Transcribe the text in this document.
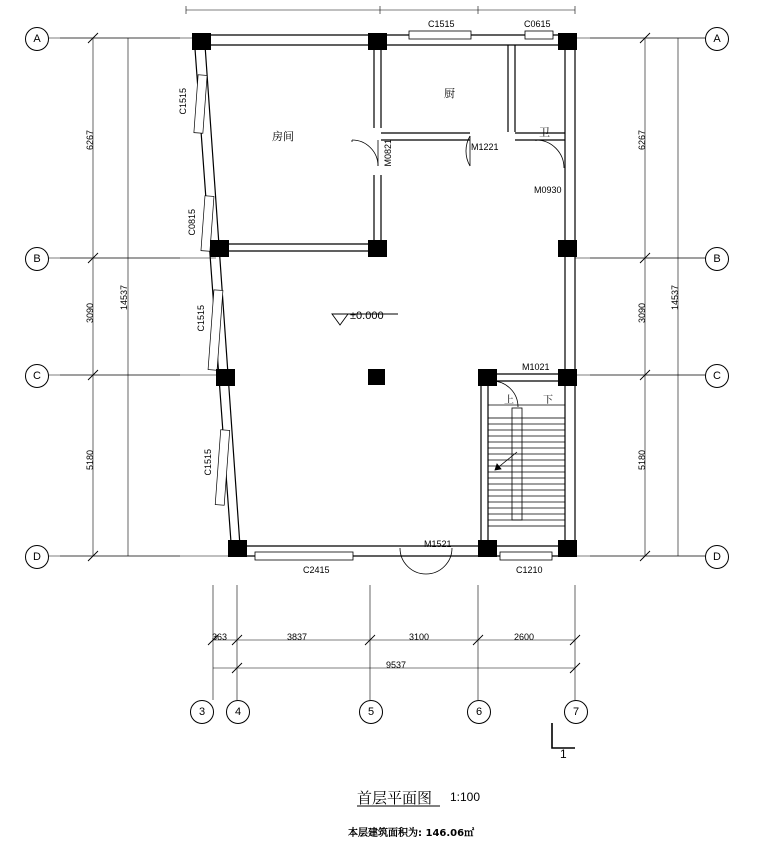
A
B
C
D
A
B
C
D
3	4	5	6	7
6267
3090
5180
14537
6267
3090
5180
14537
363	3837	3100	2600
9537
房间
厨
卫
±0.000
C1515	C0615
C1515
C0815
C1515
C1515
C2415	C1210
M0821	M1221
M0930
M1021
M1521
上	下
1
首层平面图 1:100
本层建筑面积为: 146.06㎡
